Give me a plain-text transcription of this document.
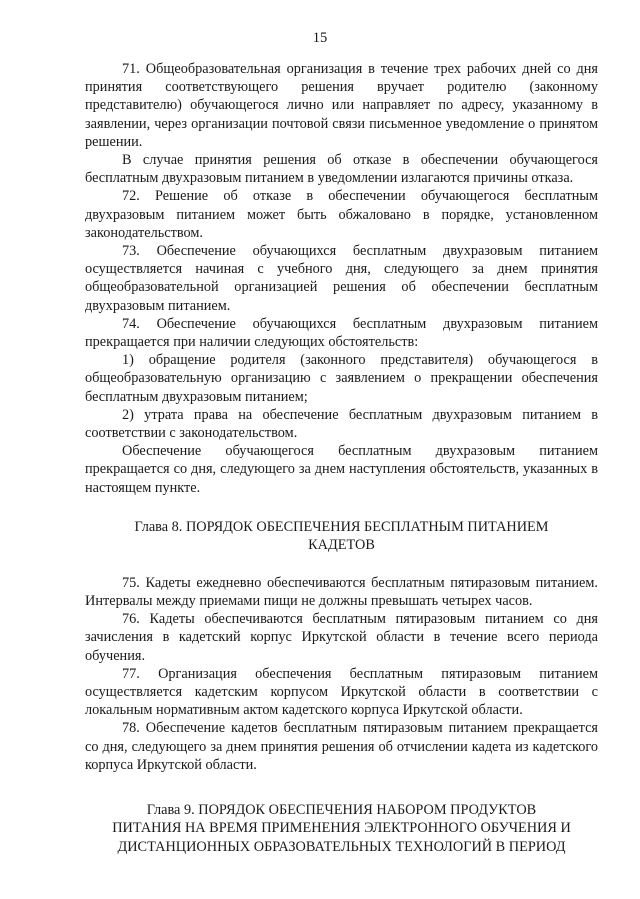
15

71. Общеобразовательная организация в течение трех рабочих дней со дня принятия соответствующего решения вручает родителю (законному представителю) обучающегося лично или направляет по адресу, указанному в заявлении, через организации почтовой связи письменное уведомление о принятом решении.

В случае принятия решения об отказе в обеспечении обучающегося бесплатным двухразовым питанием в уведомлении излагаются причины отказа.

72. Решение об отказе в обеспечении обучающегося бесплатным двухразовым питанием может быть обжаловано в порядке, установленном законодательством.

73. Обеспечение обучающихся бесплатным двухразовым питанием осуществляется начиная с учебного дня, следующего за днем принятия общеобразовательной организацией решения об обеспечении бесплатным двухразовым питанием.

74. Обеспечение обучающихся бесплатным двухразовым питанием прекращается при наличии следующих обстоятельств:

1) обращение родителя (законного представителя) обучающегося в общеобразовательную организацию с заявлением о прекращении обеспечения бесплатным двухразовым питанием;

2) утрата права на обеспечение бесплатным двухразовым питанием в соответствии с законодательством.

Обеспечение обучающегося бесплатным двухразовым питанием прекращается со дня, следующего за днем наступления обстоятельств, указанных в настоящем пункте.

Глава 8. ПОРЯДОК ОБЕСПЕЧЕНИЯ БЕСПЛАТНЫМ ПИТАНИЕМ
КАДЕТОВ

75. Кадеты ежедневно обеспечиваются бесплатным пятиразовым питанием. Интервалы между приемами пищи не должны превышать четырех часов.

76. Кадеты обеспечиваются бесплатным пятиразовым питанием со дня зачисления в кадетский корпус Иркутской области в течение всего периода обучения.

77. Организация обеспечения бесплатным пятиразовым питанием осуществляется кадетским корпусом Иркутской области в соответствии с локальным нормативным актом кадетского корпуса Иркутской области.

78. Обеспечение кадетов бесплатным пятиразовым питанием прекращается со дня, следующего за днем принятия решения об отчислении кадета из кадетского корпуса Иркутской области.

Глава 9. ПОРЯДОК ОБЕСПЕЧЕНИЯ НАБОРОМ ПРОДУКТОВ
ПИТАНИЯ НА ВРЕМЯ ПРИМЕНЕНИЯ ЭЛЕКТРОННОГО ОБУЧЕНИЯ И
ДИСТАНЦИОННЫХ ОБРАЗОВАТЕЛЬНЫХ ТЕХНОЛОГИЙ В ПЕРИОД
